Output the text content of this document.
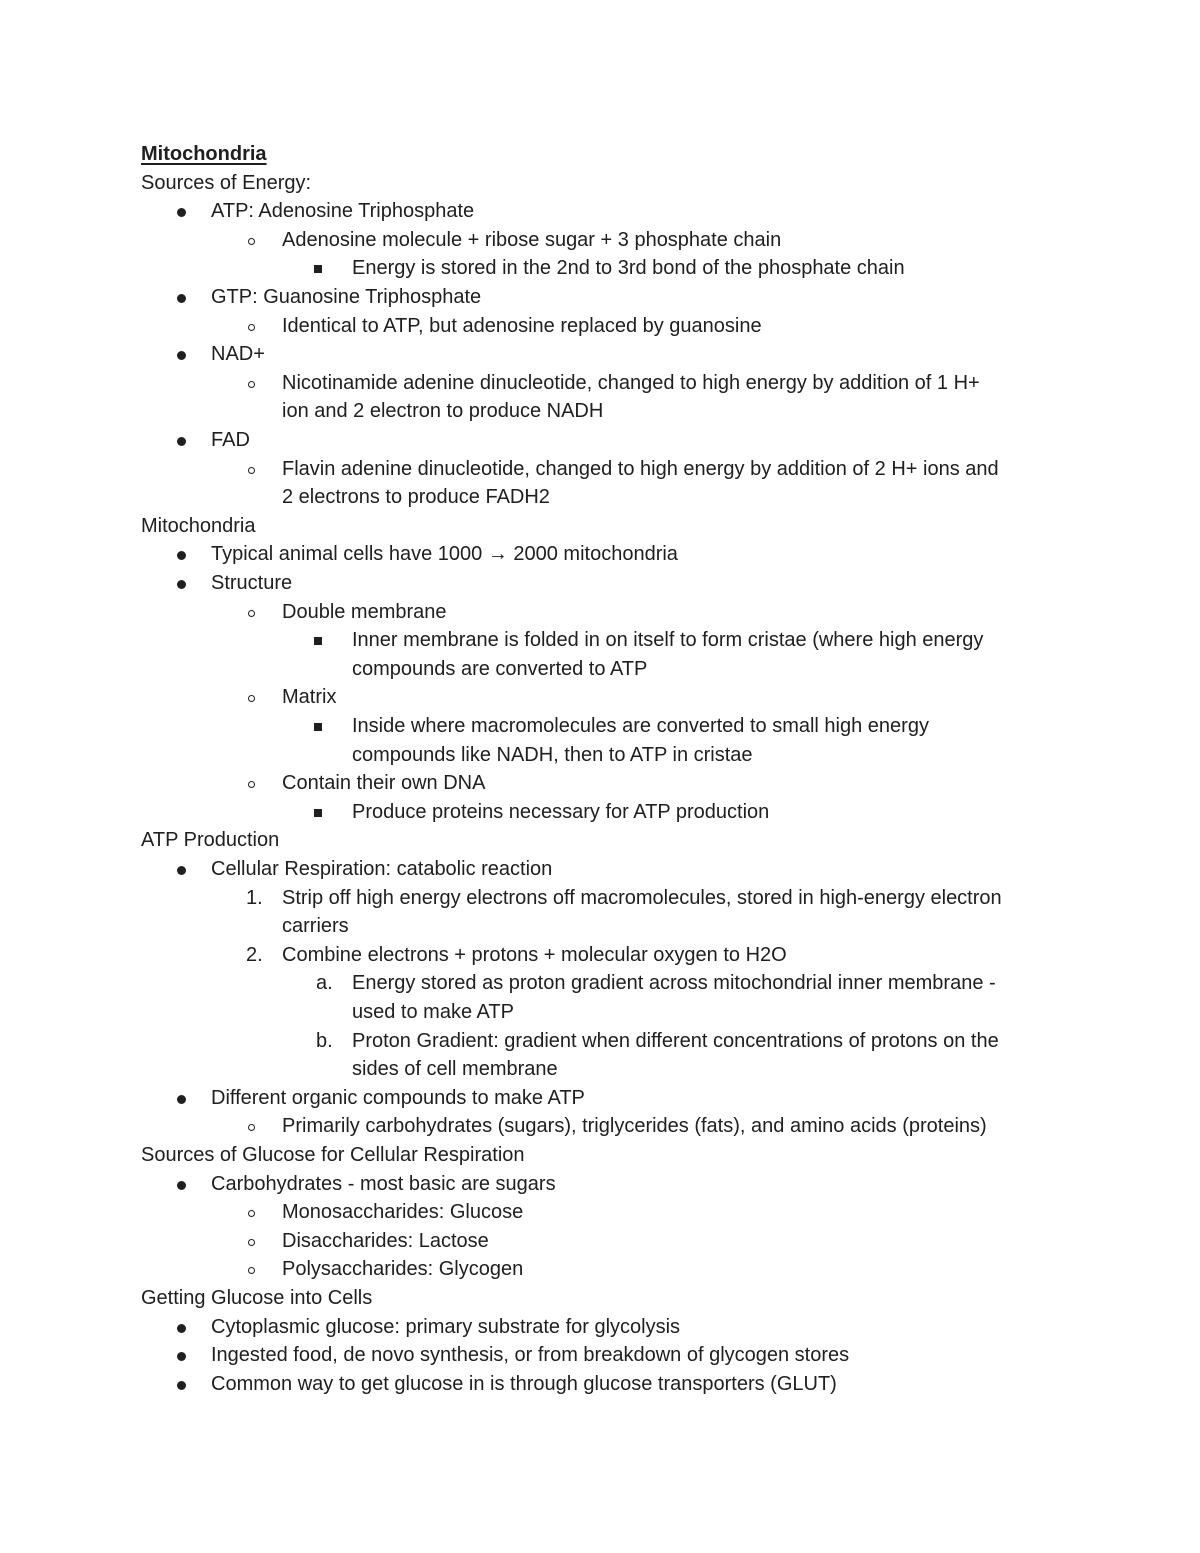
Mitochondria
Sources of Energy:
ATP: Adenosine Triphosphate
Adenosine molecule + ribose sugar + 3 phosphate chain
Energy is stored in the 2nd to 3rd bond of the phosphate chain
GTP: Guanosine Triphosphate
Identical to ATP, but adenosine replaced by guanosine
NAD+
Nicotinamide adenine dinucleotide, changed to high energy by addition of 1 H+
ion and 2 electron to produce NADH
FAD
Flavin adenine dinucleotide, changed to high energy by addition of 2 H+ ions and
2 electrons to produce FADH2
Mitochondria
Typical animal cells have 1000 → 2000 mitochondria
Structure
Double membrane
Inner membrane is folded in on itself to form cristae (where high energy
compounds are converted to ATP
Matrix
Inside where macromolecules are converted to small high energy
compounds like NADH, then to ATP in cristae
Contain their own DNA
Produce proteins necessary for ATP production
ATP Production
Cellular Respiration: catabolic reaction
Strip off high energy electrons off macromolecules, stored in high-energy electron
1.
carriers
Combine electrons + protons + molecular oxygen to H2O
2.
Energy stored as proton gradient across mitochondrial inner membrane -
a.
used to make ATP
Proton Gradient: gradient when different concentrations of protons on the
b.
sides of cell membrane
Different organic compounds to make ATP
Primarily carbohydrates (sugars), triglycerides (fats), and amino acids (proteins)
Sources of Glucose for Cellular Respiration
Carbohydrates - most basic are sugars
Monosaccharides: Glucose
Disaccharides: Lactose
Polysaccharides: Glycogen
Getting Glucose into Cells
Cytoplasmic glucose: primary substrate for glycolysis
Ingested food, de novo synthesis, or from breakdown of glycogen stores
Common way to get glucose in is through glucose transporters (GLUT)
